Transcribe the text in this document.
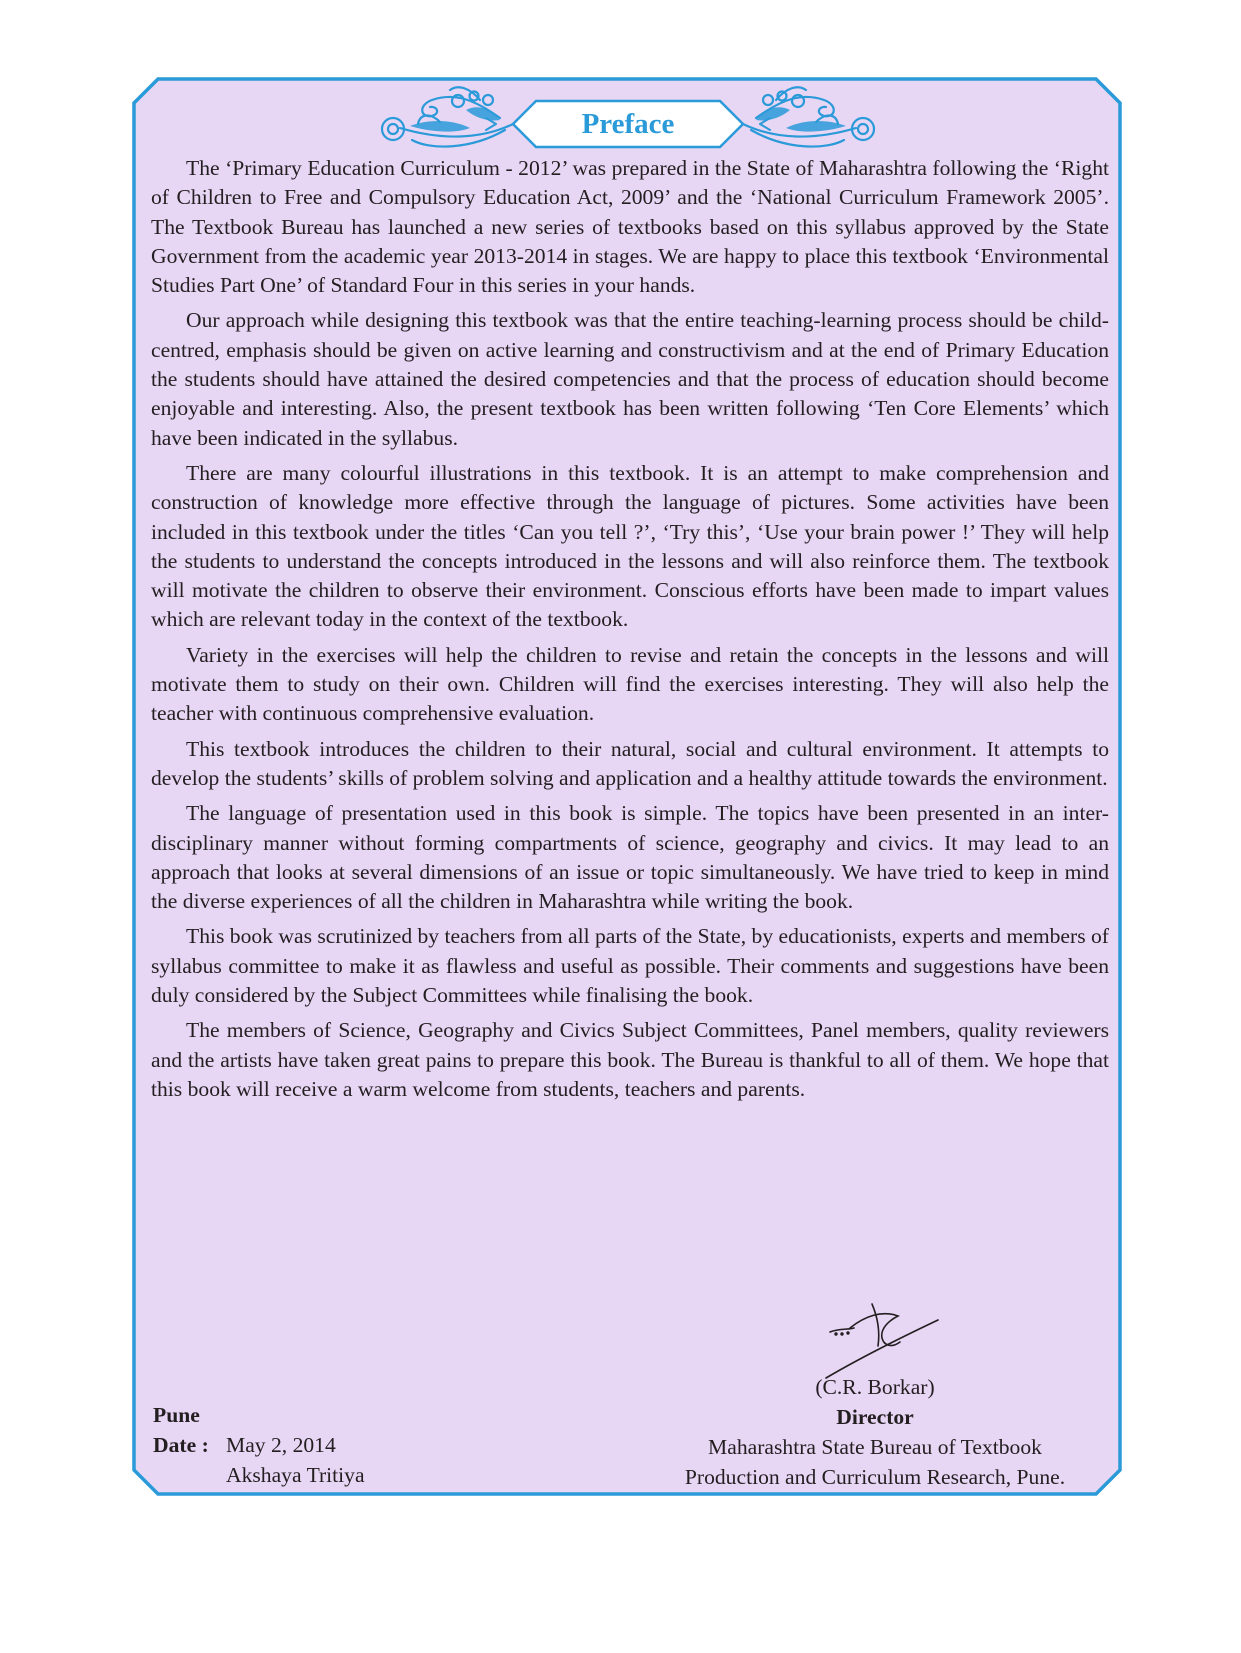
Preface

The ‘Primary Education Curriculum - 2012’ was prepared in the State of Maharashtra following the ‘Right of Children to Free and Compulsory Education Act, 2009’ and the ‘National Curriculum Framework 2005’. The Textbook Bureau has launched a new series of textbooks based on this syllabus approved by the State Government from the academic year 2013-2014 in stages. We are happy to place this textbook ‘Environmental Studies Part One’ of Standard Four in this series in your hands.

Our approach while designing this textbook was that the entire teaching-learning process should be child-centred, emphasis should be given on active learning and constructivism and at the end of Primary Education the students should have attained the desired competencies and that the process of education should become enjoyable and interesting. Also, the present textbook has been written following ‘Ten Core Elements’ which have been indicated in the syllabus.

There are many colourful illustrations in this textbook. It is an attempt to make comprehension and construction of knowledge more effective through the language of pictures. Some activities have been included in this textbook under the titles ‘Can you tell ?’, ‘Try this’, ‘Use your brain power !’ They will help the students to understand the concepts introduced in the lessons and will also reinforce them. The textbook will motivate the children to observe their environment. Conscious efforts have been made to impart values which are relevant today in the context of the textbook.

Variety in the exercises will help the children to revise and retain the concepts in the lessons and will motivate them to study on their own. Children will find the exercises interesting. They will also help the teacher with continuous comprehensive evaluation.

This textbook introduces the children to their natural, social and cultural environment. It attempts to develop the students’ skills of problem solving and application and a healthy attitude towards the environment.

The language of presentation used in this book is simple. The topics have been presented in an inter-disciplinary manner without forming compartments of science, geography and civics. It may lead to an approach that looks at several dimensions of an issue or topic simultaneously. We have tried to keep in mind the diverse experiences of all the children in Maharashtra while writing the book.

This book was scrutinized by teachers from all parts of the State, by educationists, experts and members of syllabus committee to make it as flawless and useful as possible. Their comments and suggestions have been duly considered by the Subject Committees while finalising the book.

The members of Science, Geography and Civics Subject Committees, Panel members, quality reviewers and the artists have taken great pains to prepare this book. The Bureau is thankful to all of them. We hope that this book will receive a warm welcome from students, teachers and parents.

(C.R. Borkar)
Director
Maharashtra State Bureau of Textbook
Production and Curriculum Research, Pune.
Pune
Date : May 2, 2014
Akshaya Tritiya
